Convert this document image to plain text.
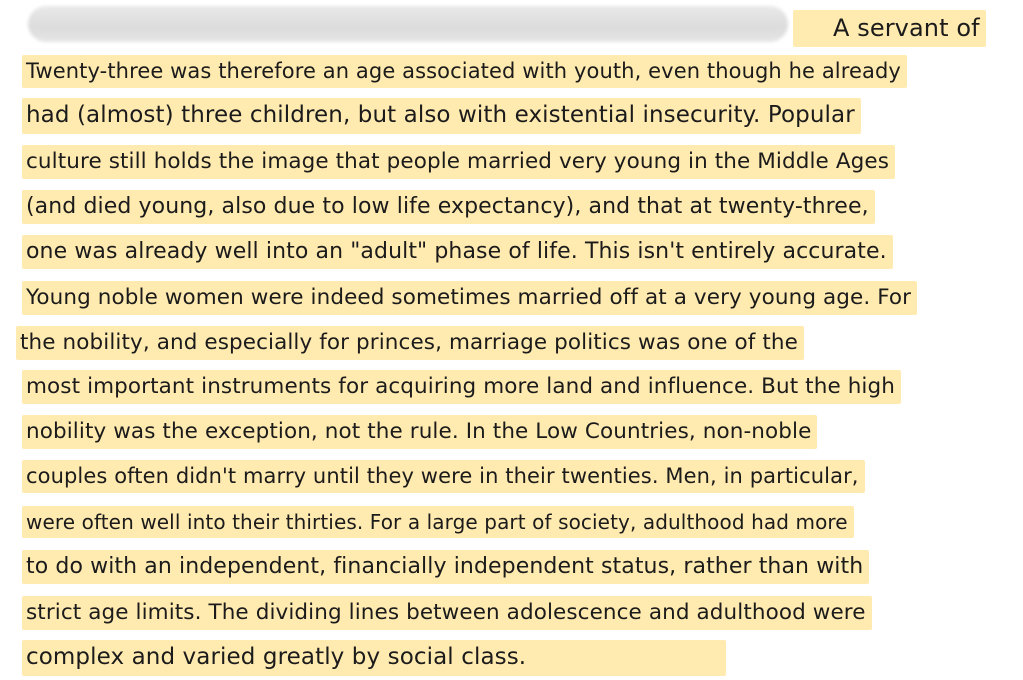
A servant of
Twenty-three was therefore an age associated with youth, even though he already
had (almost) three children, but also with existential insecurity. Popular
culture still holds the image that people married very young in the Middle Ages
(and died young, also due to low life expectancy), and that at twenty-three,
one was already well into an "adult" phase of life. This isn't entirely accurate.
Young noble women were indeed sometimes married off at a very young age. For
the nobility, and especially for princes, marriage politics was one of the
most important instruments for acquiring more land and influence. But the high
nobility was the exception, not the rule. In the Low Countries, non-noble
couples often didn't marry until they were in their twenties. Men, in particular,
were often well into their thirties. For a large part of society, adulthood had more
to do with an independent, financially independent status, rather than with
strict age limits. The dividing lines between adolescence and adulthood were
complex and varied greatly by social class.
